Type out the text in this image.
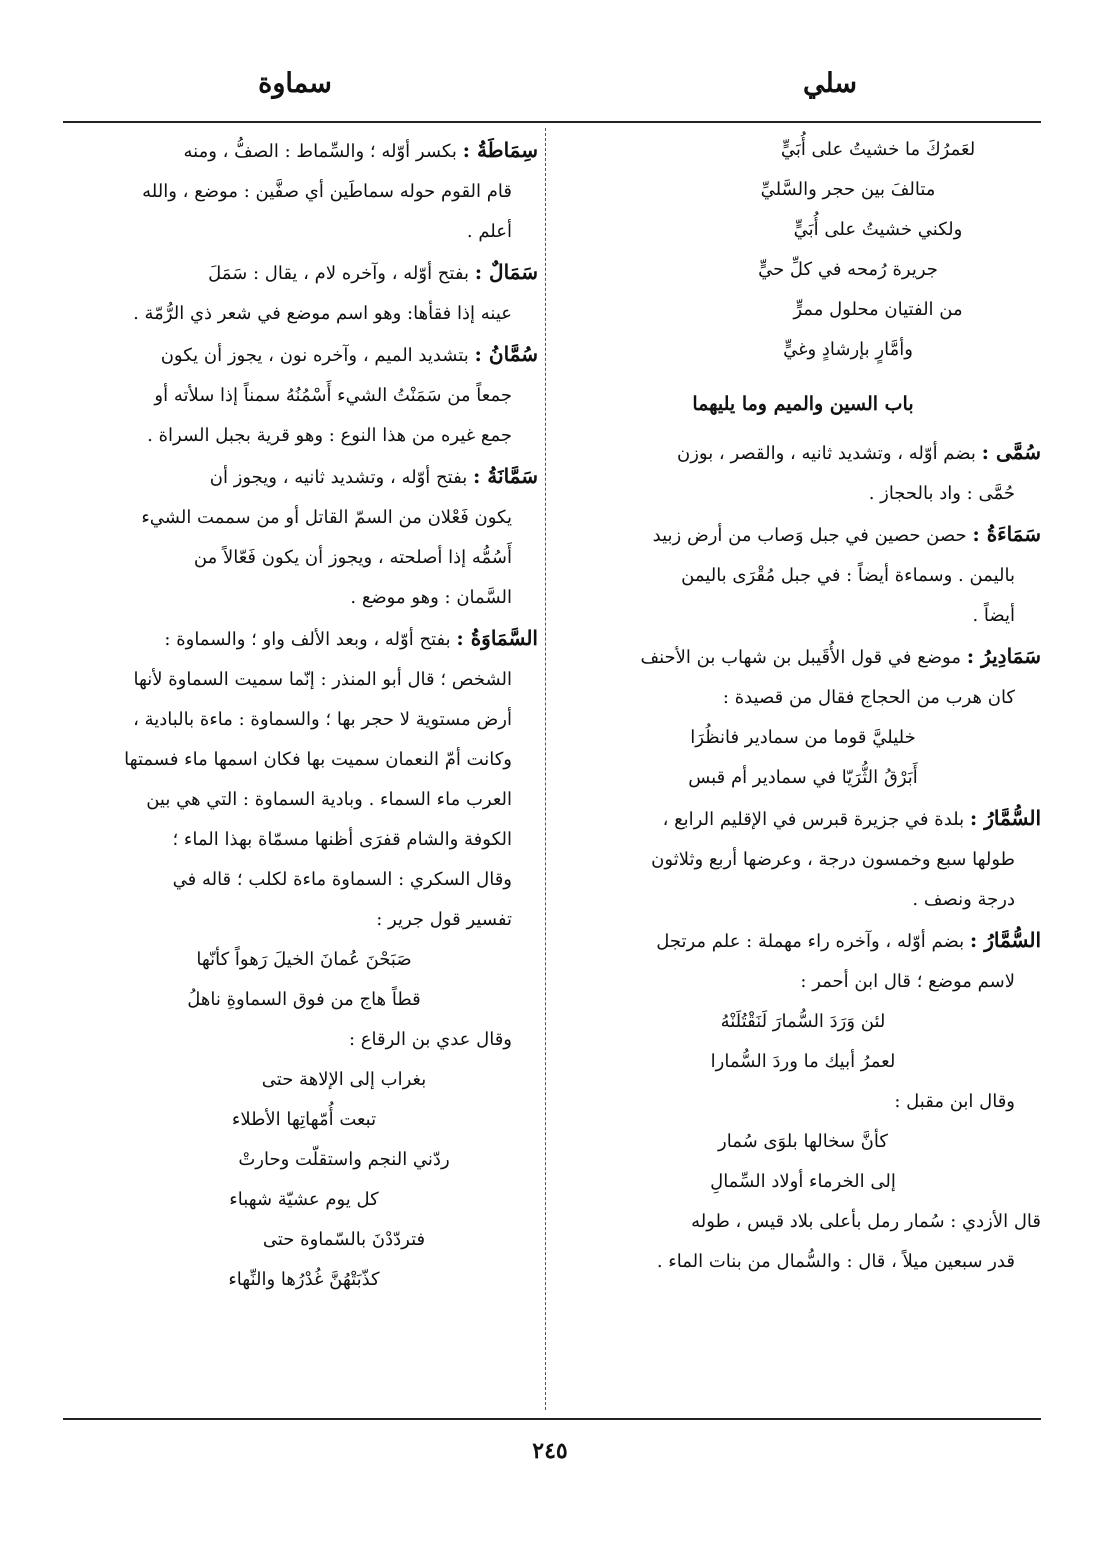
سلي
سماوة

لعَمرُكَ ما خشيتُ على أُبَيٍّ

متالفَ بين حجر والسَّليِّ

ولكني خشيتُ على أُبَيٍّ

جريرة رُمحه في كلِّ حيٍّ

من الفتيان محلول ممرٍّ

وأمَّارٍ بإرشادٍ وغيٍّ

باب السين والميم وما يليهما
سُمَّى : بضم أوّله ، وتشديد ثانيه ، والقصر ، بوزن
حُمَّى : واد بالحجاز .
سَمَاءَةُ : حصن حصين في جبل وَصاب من أرض زبيد
باليمن . وسماءة أيضاً : في جبل مُقْرَى باليمن
أيضاً .
سَمَادِيرُ : موضع في قول الأُقَيبل بن شهاب بن الأحنف
كان هرب من الحجاج فقال من قصيدة :

خليليَّ قوما من سمادير فانظُرَا

أَبَرْقُ الثُّرَيّا في سمادير أم قبس

السُّمَّارُ : بلدة في جزيرة قبرس في الإقليم الرابع ،
طولها سبع وخمسون درجة ، وعرضها أربع وثلاثون
درجة ونصف .
السُّمَّارُ : بضم أوّله ، وآخره راء مهملة : علم مرتجل
لاسم موضع ؛ قال ابن أحمر :

لئن وَرَدَ السُّمارَ لَنَقْتُلَنْهُ

لعمرُ أبيك ما وردَ السُّمارا

وقال ابن مقبل :

كأنَّ سخالها بلوَى سُمار

إلى الخرماء أولاد السِّمالِ

قال الأزدي : سُمار رمل بأعلى بلاد قيس ، طوله
قدر سبعين ميلاً ، قال : والسُّمال من بنات الماء .
سِمَاطَةُ : بكسر أوّله ؛ والسِّماط : الصفُّ ، ومنه
قام القوم حوله سماطَين أي صفَّين : موضع ، والله
أعلم .
سَمَالٌ : بفتح أوّله ، وآخره لام ، يقال : سَمَلَ
عينه إذا فقأها: وهو اسم موضع في شعر ذي الرُّمّة .
سُمَّانُ : بتشديد الميم ، وآخره نون ، يجوز أن يكون
جمعاً من سَمَنْتُ الشيء أَسْمُنُهُ سمناً إذا سلأته أو
جمع غيره من هذا النوع : وهو قرية بجبل السراة .
سَمَّانَةُ : بفتح أوّله ، وتشديد ثانيه ، ويجوز أن
يكون فَعْلان من السمّ القاتل أو من سممت الشيء
أَسُمُّه إذا أصلحته ، ويجوز أن يكون فَعّالاً من
السَّمان : وهو موضع .
السَّمَاوَةُ : بفتح أوّله ، وبعد الألف واو ؛ والسماوة :
الشخص ؛ قال أبو المنذر : إنّما سميت السماوة لأنها
أرض مستوية لا حجر بها ؛ والسماوة : ماءة بالبادية ،
وكانت أمّ النعمان سميت بها فكان اسمها ماء فسمتها
العرب ماء السماء . وبادية السماوة : التي هي بين
الكوفة والشام قفرَى أظنها مسمّاة بهذا الماء ؛
وقال السكري : السماوة ماءة لكلب ؛ قاله في
تفسير قول جرير :

صَبَحْنَ عُمانَ الخيلَ رَهواً كأنّها

قطاً هاج من فوق السماوةِ ناهلُ

وقال عدي بن الرقاع :

بغراب إلى الإلاهة حتى

تبعت أُمّهاتِها الأطلاء

ردّني النجم واستقلّت وحارتْ

كل يوم عشيّة شهباء

فتردّدْنَ بالسّماوة حتى

كذّبَتْهُنَّ غُدْرُها والنِّهاء

٢٤٥
